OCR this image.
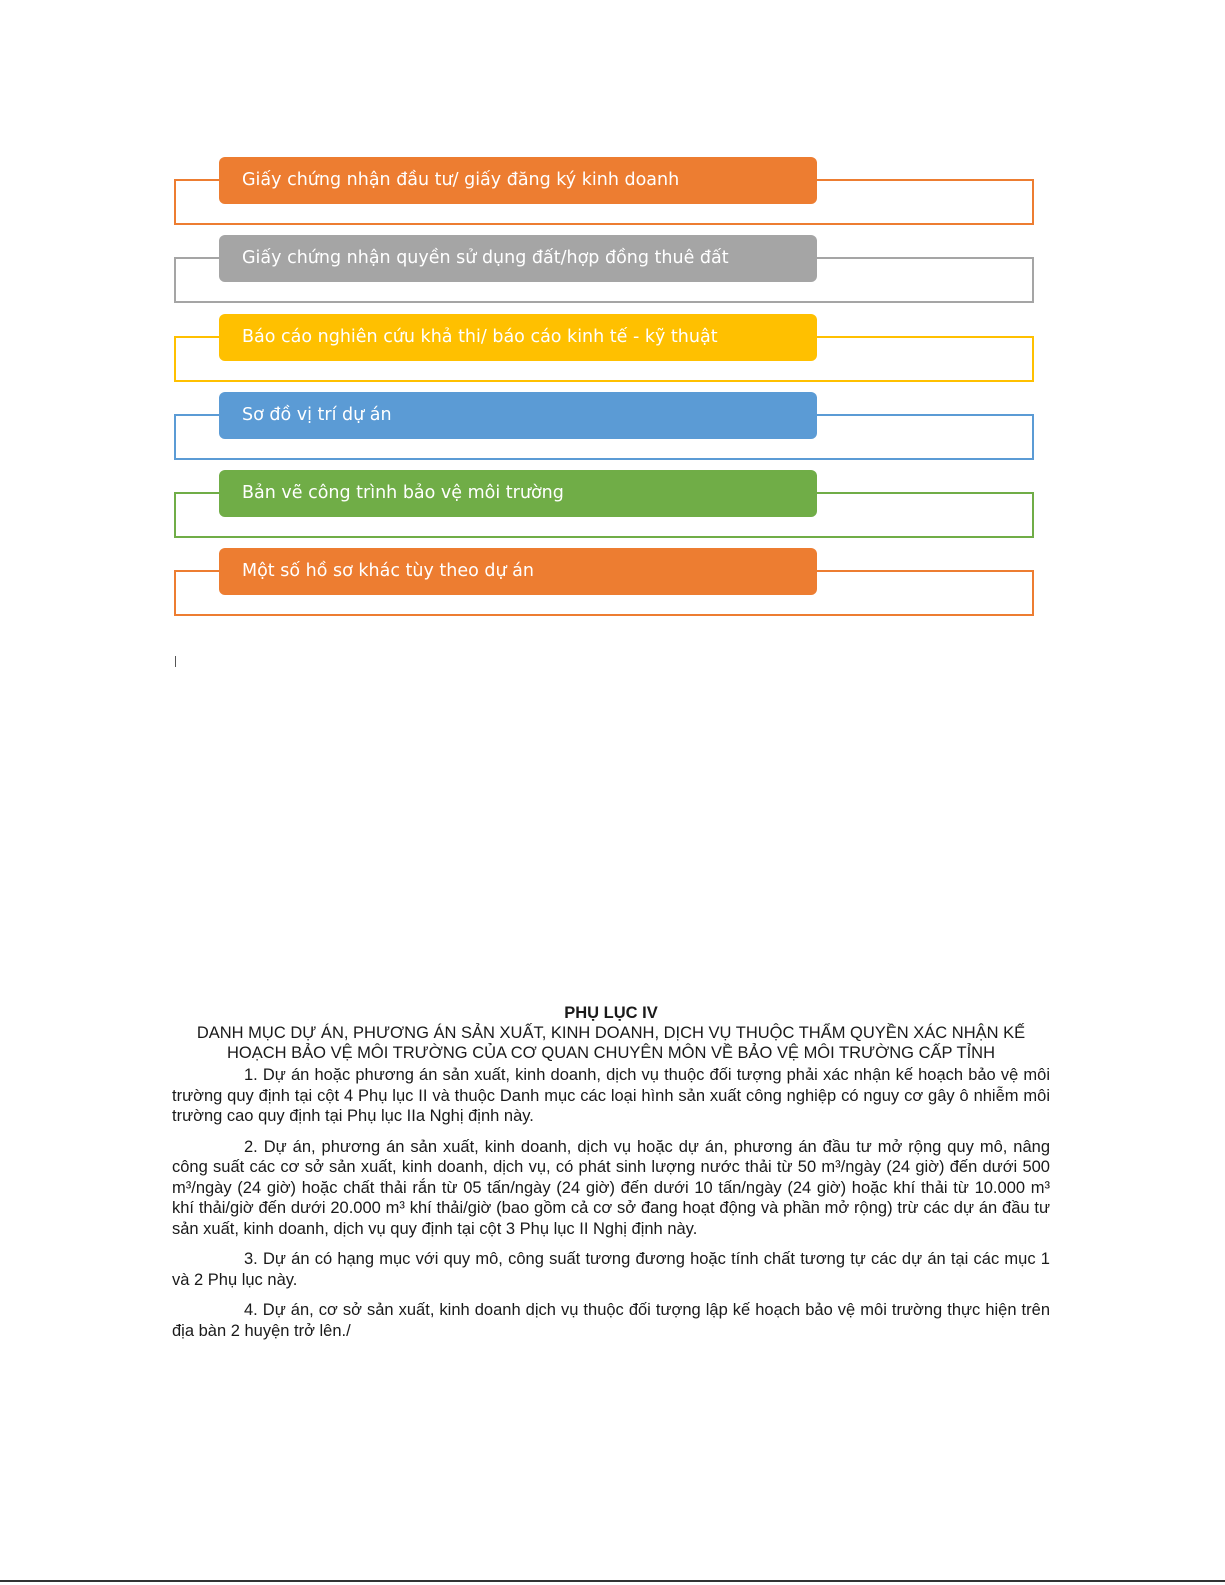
Giấy chứng nhận đầu tư/ giấy đăng ký kinh doanh
Giấy chứng nhận quyền sử dụng đất/hợp đồng thuê đất
Báo cáo nghiên cứu khả thi/ báo cáo kinh tế - kỹ thuật
Sơ đồ vị trí dự án
Bản vẽ công trình bảo vệ môi trường
Một số hồ sơ khác tùy theo dự án

PHỤ LỤC IV

DANH MỤC DỰ ÁN, PHƯƠNG ÁN SẢN XUẤT, KINH DOANH, DỊCH VỤ THUỘC THẨM QUYỀN XÁC NHẬN KẾ HOẠCH BẢO VỆ MÔI TRƯỜNG CỦA CƠ QUAN CHUYÊN MÔN VỀ BẢO VỆ MÔI TRƯỜNG CẤP TỈNH

1. Dự án hoặc phương án sản xuất, kinh doanh, dịch vụ thuộc đối tượng phải xác nhận kế hoạch bảo vệ môi trường quy định tại cột 4 Phụ lục II và thuộc Danh mục các loại hình sản xuất công nghiệp có nguy cơ gây ô nhiễm môi trường cao quy định tại Phụ lục IIa Nghị định này.

2. Dự án, phương án sản xuất, kinh doanh, dịch vụ hoặc dự án, phương án đầu tư mở rộng quy mô, nâng công suất các cơ sở sản xuất, kinh doanh, dịch vụ, có phát sinh lượng nước thải từ 50 m³/ngày (24 giờ) đến dưới 500 m³/ngày (24 giờ) hoặc chất thải rắn từ 05 tấn/ngày (24 giờ) đến dưới 10 tấn/ngày (24 giờ) hoặc khí thải từ 10.000 m³ khí thải/giờ đến dưới 20.000 m³ khí thải/giờ (bao gồm cả cơ sở đang hoạt động và phần mở rộng) trừ các dự án đầu tư sản xuất, kinh doanh, dịch vụ quy định tại cột 3 Phụ lục II Nghị định này.

3. Dự án có hạng mục với quy mô, công suất tương đương hoặc tính chất tương tự các dự án tại các mục 1 và 2 Phụ lục này.

4. Dự án, cơ sở sản xuất, kinh doanh dịch vụ thuộc đối tượng lập kế hoạch bảo vệ môi trường thực hiện trên địa bàn 2 huyện trở lên./
